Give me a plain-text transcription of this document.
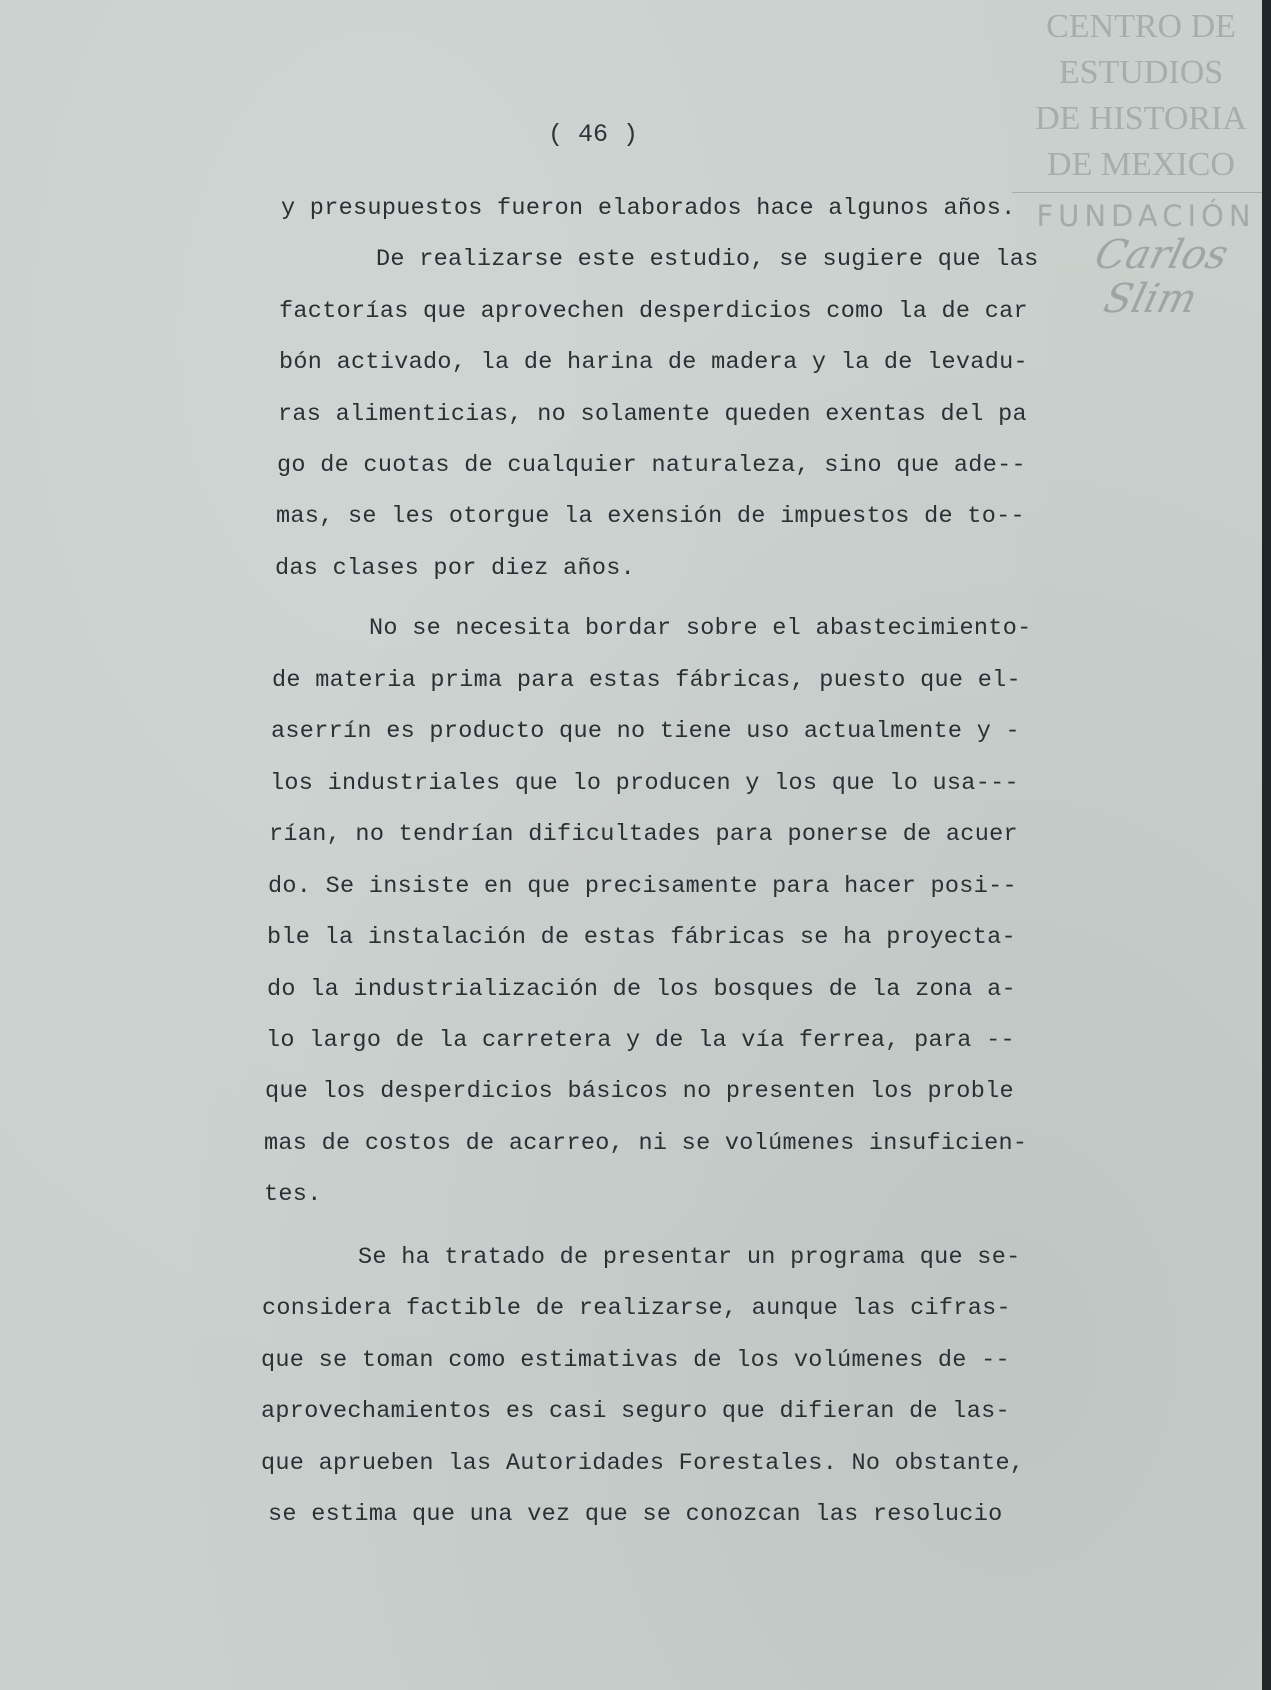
CENTRO DE
ESTUDIOS
DE HISTORIA
DE MEXICO
FUNDACIÓN
Carlos Slim
( 46 )
y presupuestos fueron elaborados hace algunos años.
De realizarse este estudio, se sugiere que las
factorías que aprovechen desperdicios como la de car
bón activado, la de harina de madera y la de levadu-
ras alimenticias, no solamente queden exentas del pa
go de cuotas de cualquier naturaleza, sino que ade--
mas, se les otorgue la exensión de impuestos de to--
das clases por diez años.
No se necesita bordar sobre el abastecimiento-
de materia prima para estas fábricas, puesto que el-
aserrín es producto que no tiene uso actualmente y -
los industriales que lo producen y los que lo usa---
rían, no tendrían dificultades para ponerse de acuer
do. Se insiste en que precisamente para hacer posi--
ble la instalación de estas fábricas se ha proyecta-
do la industrialización de los bosques de la zona a-
lo largo de la carretera y de la vía ferrea, para --
que los desperdicios básicos no presenten los proble
mas de costos de acarreo, ni se volúmenes insuficien-
tes.
Se ha tratado de presentar un programa que se-
considera factible de realizarse, aunque las cifras-
que se toman como estimativas de los volúmenes de --
aprovechamientos es casi seguro que difieran de las-
que aprueben las Autoridades Forestales. No obstante,
se estima que una vez que se conozcan las resolucio
